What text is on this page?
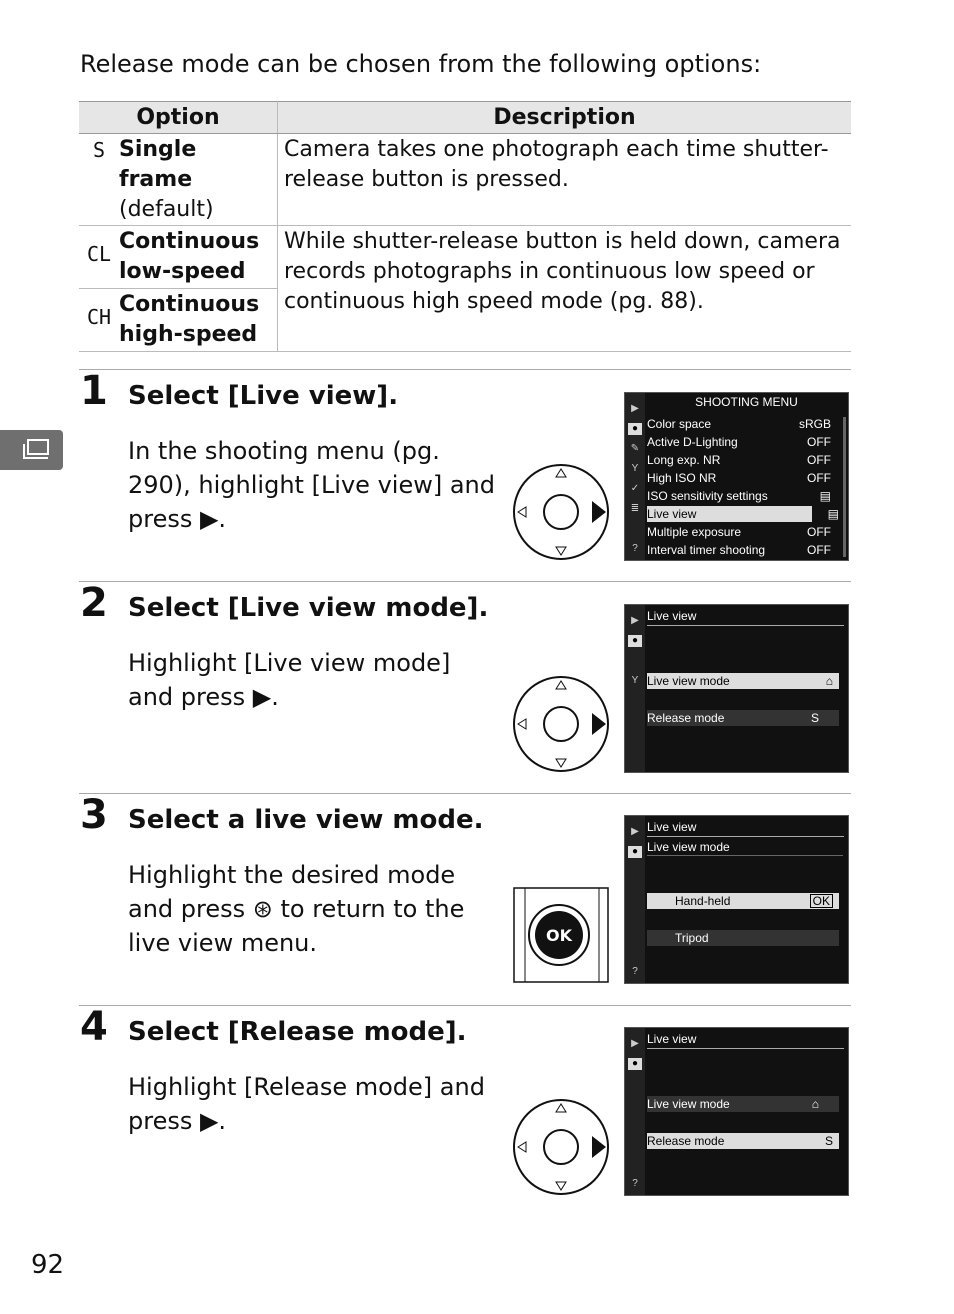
Release mode can be chosen from the following options:
Option	Description

S Single frame
(default)	Camera takes one photograph each time shutter-release button is pressed.

CL Continuous low-speed	While shutter-release button is held down, camera records photographs in continuous low speed or continuous high speed mode (pg. 88).

CH Continuous high-speed	
1 Select [Live view].
In the shooting menu (pg. 290), highlight [Live view] and press ▶.
▶
●
✎
Y
✓
≣
?
SHOOTING MENU
Color space	sRGB
Active D-Lighting	OFF
Long exp. NR	OFF
High ISO NR	OFF
ISO sensitivity settings	▤
Live view	▤
Multiple exposure	OFF
Interval timer shooting	OFF
2 Select [Live view mode].
Highlight [Live view mode] and press ▶.
▶
●
Y
Live view
Live view mode	⌂
Release mode	S
3 Select a live view mode.
Highlight the desired mode and press ⊛ to return to the live view menu.	OK
▶
●
?
Live view
Live view mode
Hand-held	OK
Tripod
4 Select [Release mode].
Highlight [Release mode] and press ▶.
▶
●
?
Live view
Live view mode	⌂
Release mode	S
92
